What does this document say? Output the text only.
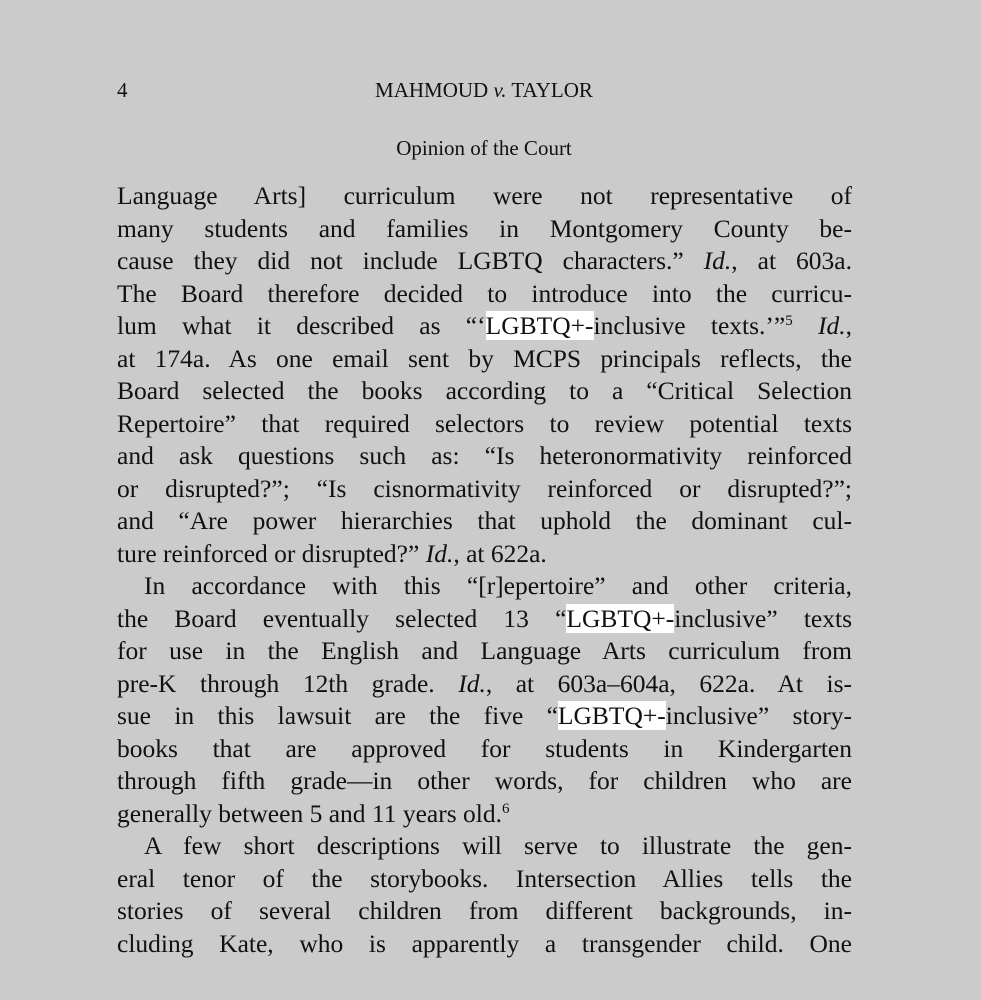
4	MAHMOUD v. TAYLOR
Opinion of the Court
Language Arts] curriculum were not representative of
many students and families in Montgomery County be-
cause they did not include LGBTQ characters.” Id., at 603a.
The Board therefore decided to introduce into the curricu-
lum what it described as “‘LGBTQ+-inclusive texts.’”$^5$ Id.,
at 174a. As one email sent by MCPS principals reflects, the
Board selected the books according to a “Critical Selection
Repertoire” that required selectors to review potential texts
and ask questions such as: “Is heteronormativity reinforced
or disrupted?”; “Is cisnormativity reinforced or disrupted?”;
and “Are power hierarchies that uphold the dominant cul-
ture reinforced or disrupted?” Id., at 622a.
In accordance with this “[r]epertoire” and other criteria,
the Board eventually selected 13 “LGBTQ+-inclusive” texts
for use in the English and Language Arts curriculum from
pre-K through 12th grade. Id., at 603a–604a, 622a. At is-
sue in this lawsuit are the five “LGBTQ+-inclusive” story-
books that are approved for students in Kindergarten
through fifth grade—in other words, for children who are
generally between 5 and 11 years old.$^6$
A few short descriptions will serve to illustrate the gen-
eral tenor of the storybooks. Intersection Allies tells the
stories of several children from different backgrounds, in-
cluding Kate, who is apparently a transgender child. One
